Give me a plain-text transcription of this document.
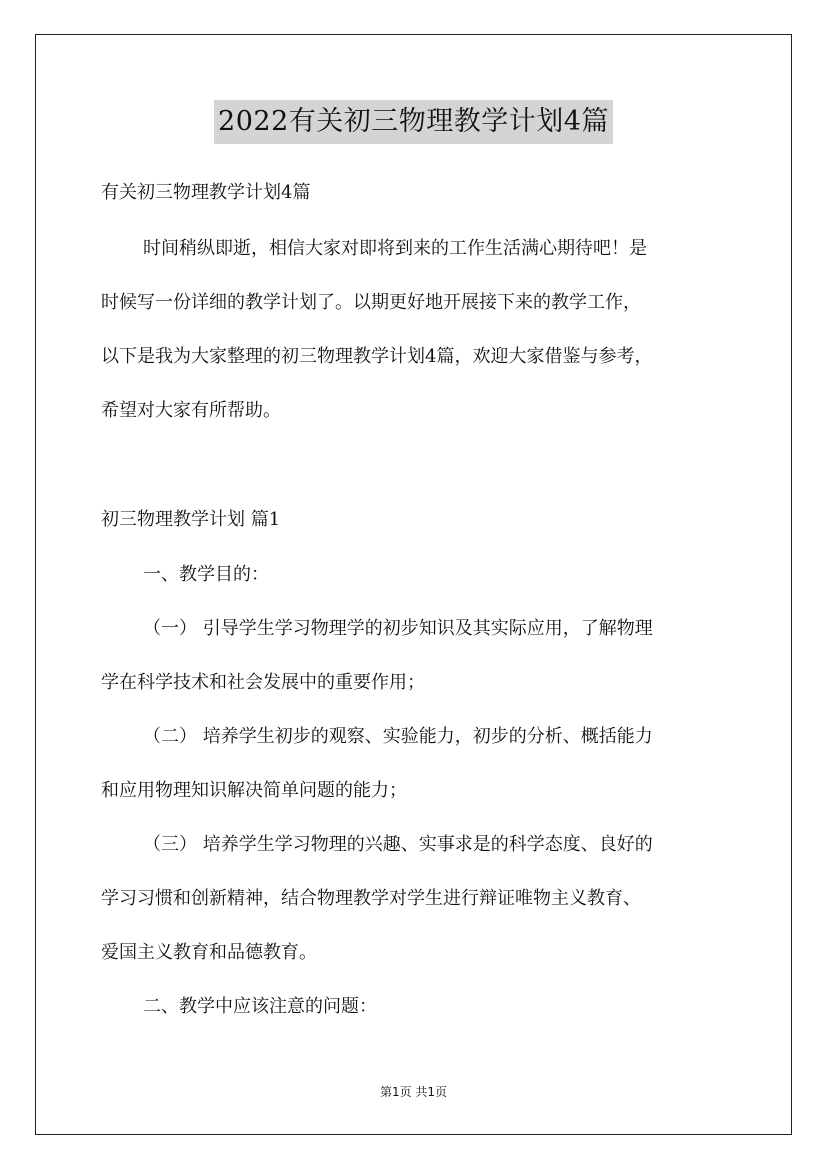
2022有关初三物理教学计划4篇
有关初三物理教学计划4篇
时间稍纵即逝，相信大家对即将到来的工作生活满心期待吧！是
时候写一份详细的教学计划了。以期更好地开展接下来的教学工作，
以下是我为大家整理的初三物理教学计划4篇，欢迎大家借鉴与参考，
希望对大家有所帮助。
初三物理教学计划 篇1
一、教学目的：
（一） 引导学生学习物理学的初步知识及其实际应用，了解物理
学在科学技术和社会发展中的重要作用；
（二） 培养学生初步的观察、实验能力，初步的分析、概括能力
和应用物理知识解决简单问题的能力；
（三） 培养学生学习物理的兴趣、实事求是的科学态度、良好的
学习习惯和创新精神，结合物理教学对学生进行辩证唯物主义教育、
爱国主义教育和品德教育。
二、教学中应该注意的问题：
第1页 共1页
